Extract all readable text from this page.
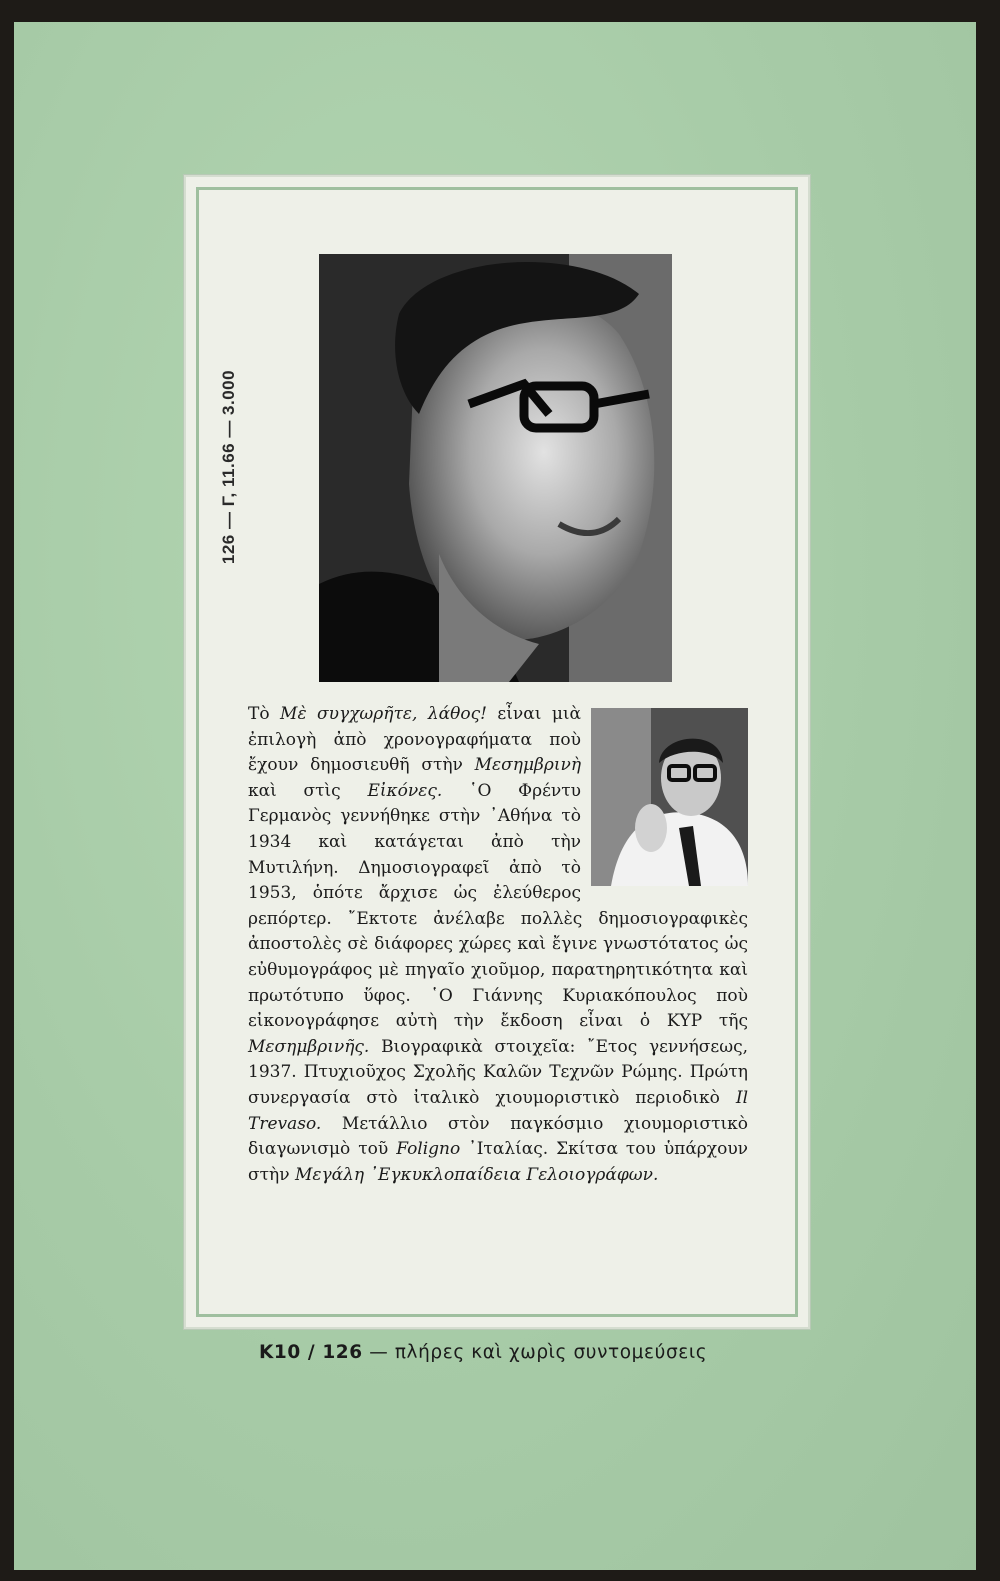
126 — Γ, 11.66 — 3.000

Τὸ Μὲ συγχωρῆτε, λάθος! εἶναι μιὰ ἐπιλογὴ ἀπὸ χρονογραφήματα ποὺ ἔχουν δημοσιευθῆ στὴν Μεσημβρινὴ καὶ στὶς Εἰκόνες. ῾Ο Φρέντυ Γερμανὸς γεννήθηκε στὴν ᾽Αθήνα τὸ 1934 καὶ κατάγεται ἀπὸ τὴν Μυτιλήνη. Δημοσιογραφεῖ ἀπὸ τὸ 1953, ὁπότε ἄρχισε ὡς ἐλεύθερος ρεπόρτερ. ῎Εκτοτε ἀνέλαβε πολλὲς δημοσιογραφικὲς ἀποστολὲς σὲ διάφορες χώρες καὶ ἔγινε γνωστότατος ὡς εὐθυμογράφος μὲ πηγαῖο χιοῦμορ, παρατηρητικότητα καὶ πρωτότυπο ὕφος. ῾Ο Γιάννης Κυριακόπουλος ποὺ εἰκονογράφησε αὐτὴ τὴν ἔκδοση εἶναι ὁ ΚΥΡ τῆς Μεσημβρινῆς. Βιογραφικὰ στοιχεῖα: ῎Ετος γεννήσεως, 1937. Πτυχιοῦχος Σχολῆς Καλῶν Τεχνῶν Ρώμης. Πρώτη συνεργασία στὸ ἰταλικὸ χιουμοριστικὸ περιοδικὸ Il Trevaso. Μετάλλιο στὸν παγκόσμιο χιουμοριστικὸ διαγωνισμὸ τοῦ Foligno ᾽Ιταλίας. Σκίτσα του ὑπάρχουν στὴν Μεγάλη ᾽Εγκυκλοπαίδεια Γελοιογράφων.

Κ10 / 126 — πλήρες καὶ χωρὶς συντομεύσεις
